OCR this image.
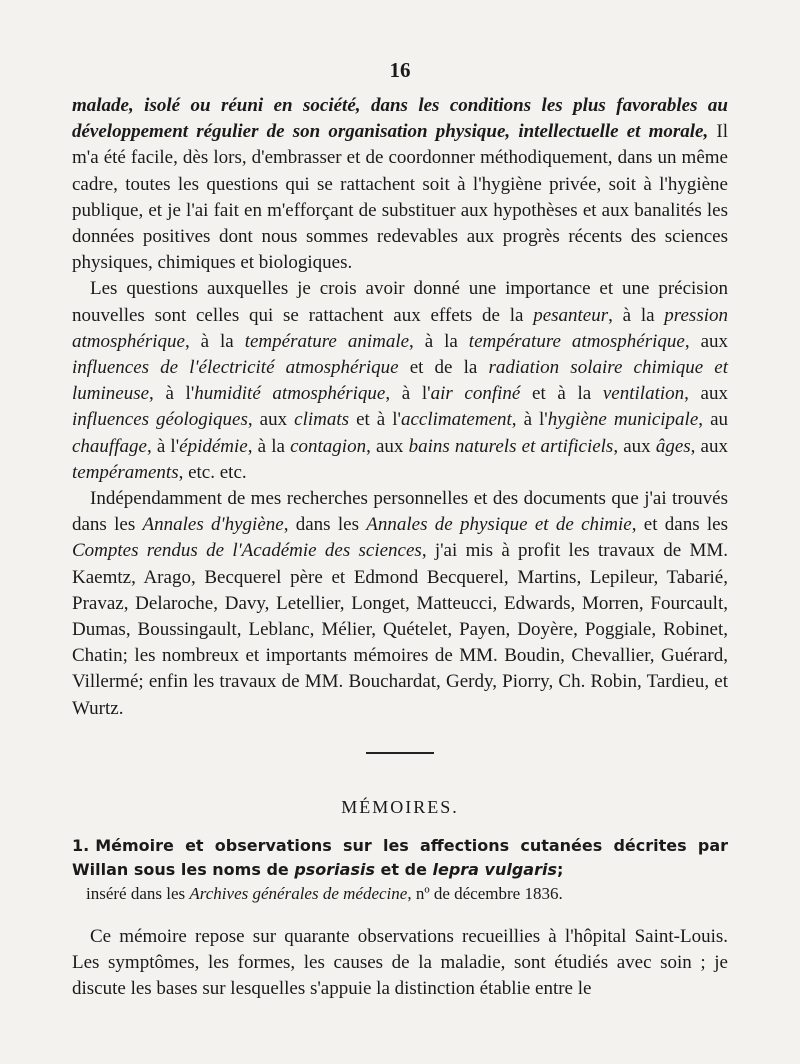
16

malade, isolé ou réuni en société, dans les conditions les plus favorables au développement régulier de son organisation physique, intellectuelle et morale, Il m'a été facile, dès lors, d'embrasser et de coordonner méthodiquement, dans un même cadre, toutes les questions qui se rattachent soit à l'hygiène privée, soit à l'hygiène publique, et je l'ai fait en m'efforçant de substituer aux hypothèses et aux banalités les données positives dont nous sommes redevables aux progrès récents des sciences physiques, chimiques et biologiques.

Les questions auxquelles je crois avoir donné une importance et une précision nouvelles sont celles qui se rattachent aux effets de la pesanteur, à la pression atmosphérique, à la température animale, à la température atmosphérique, aux influences de l'électricité atmosphérique et de la radiation solaire chimique et lumineuse, à l'humidité atmosphérique, à l'air confiné et à la ventilation, aux influences géologiques, aux climats et à l'acclimatement, à l'hygiène municipale, au chauffage, à l'épidémie, à la contagion, aux bains naturels et artificiels, aux âges, aux tempéraments, etc. etc.

Indépendamment de mes recherches personnelles et des documents que j'ai trouvés dans les Annales d'hygiène, dans les Annales de physique et de chimie, et dans les Comptes rendus de l'Académie des sciences, j'ai mis à profit les travaux de MM. Kaemtz, Arago, Becquerel père et Edmond Becquerel, Martins, Lepileur, Tabarié, Pravaz, Delaroche, Davy, Letellier, Longet, Matteucci, Edwards, Morren, Fourcault, Dumas, Boussingault, Leblanc, Mélier, Quételet, Payen, Doyère, Poggiale, Robinet, Chatin; les nombreux et importants mémoires de MM. Boudin, Chevallier, Guérard, Villermé; enfin les travaux de MM. Bouchardat, Gerdy, Piorry, Ch. Robin, Tardieu, et Wurtz.

MÉMOIRES.
1. Mémoire et observations sur les affections cutanées décrites par Willan sous les noms de psoriasis et de lepra vulgaris;
inséré dans les Archives générales de médecine, nº de décembre 1836.

Ce mémoire repose sur quarante observations recueillies à l'hôpital Saint-Louis. Les symptômes, les formes, les causes de la maladie, sont étudiés avec soin ; je discute les bases sur lesquelles s'appuie la distinction établie entre le
